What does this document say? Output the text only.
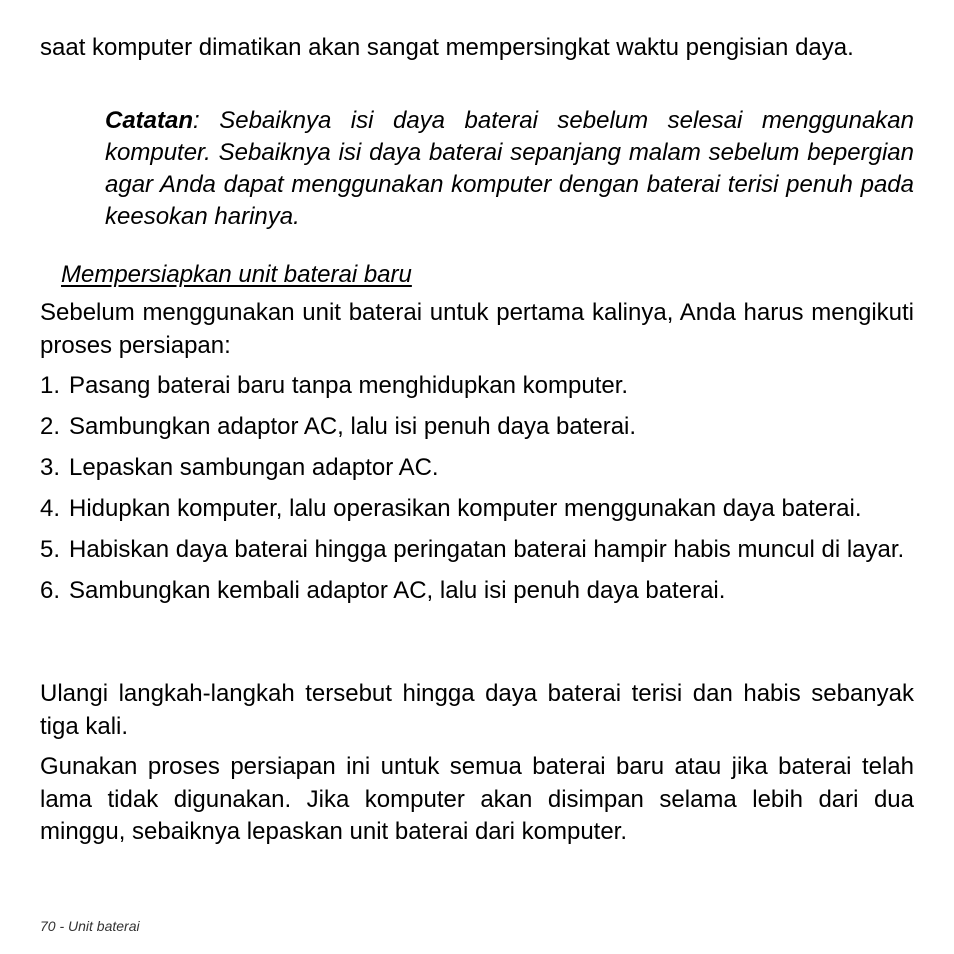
saat komputer dimatikan akan sangat mempersingkat waktu pengisian daya.

Catatan: Sebaiknya isi daya baterai sebelum selesai menggunakan komputer. Sebaiknya isi daya baterai sepanjang malam sebelum bepergian agar Anda dapat menggunakan komputer dengan baterai terisi penuh pada keesokan harinya.

Mempersiapkan unit baterai baru

Sebelum menggunakan unit baterai untuk pertama kalinya, Anda harus mengikuti proses persiapan:

1. Pasang baterai baru tanpa menghidupkan komputer.
2. Sambungkan adaptor AC, lalu isi penuh daya baterai.
3. Lepaskan sambungan adaptor AC.
4. Hidupkan komputer, lalu operasikan komputer menggunakan daya baterai.
5. Habiskan daya baterai hingga peringatan baterai hampir habis muncul di layar.
6. Sambungkan kembali adaptor AC, lalu isi penuh daya baterai.

Ulangi langkah-langkah tersebut hingga daya baterai terisi dan habis sebanyak tiga kali.

Gunakan proses persiapan ini untuk semua baterai baru atau jika baterai telah lama tidak digunakan. Jika komputer akan disimpan selama lebih dari dua minggu, sebaiknya lepaskan unit baterai dari komputer.

70 - Unit baterai
